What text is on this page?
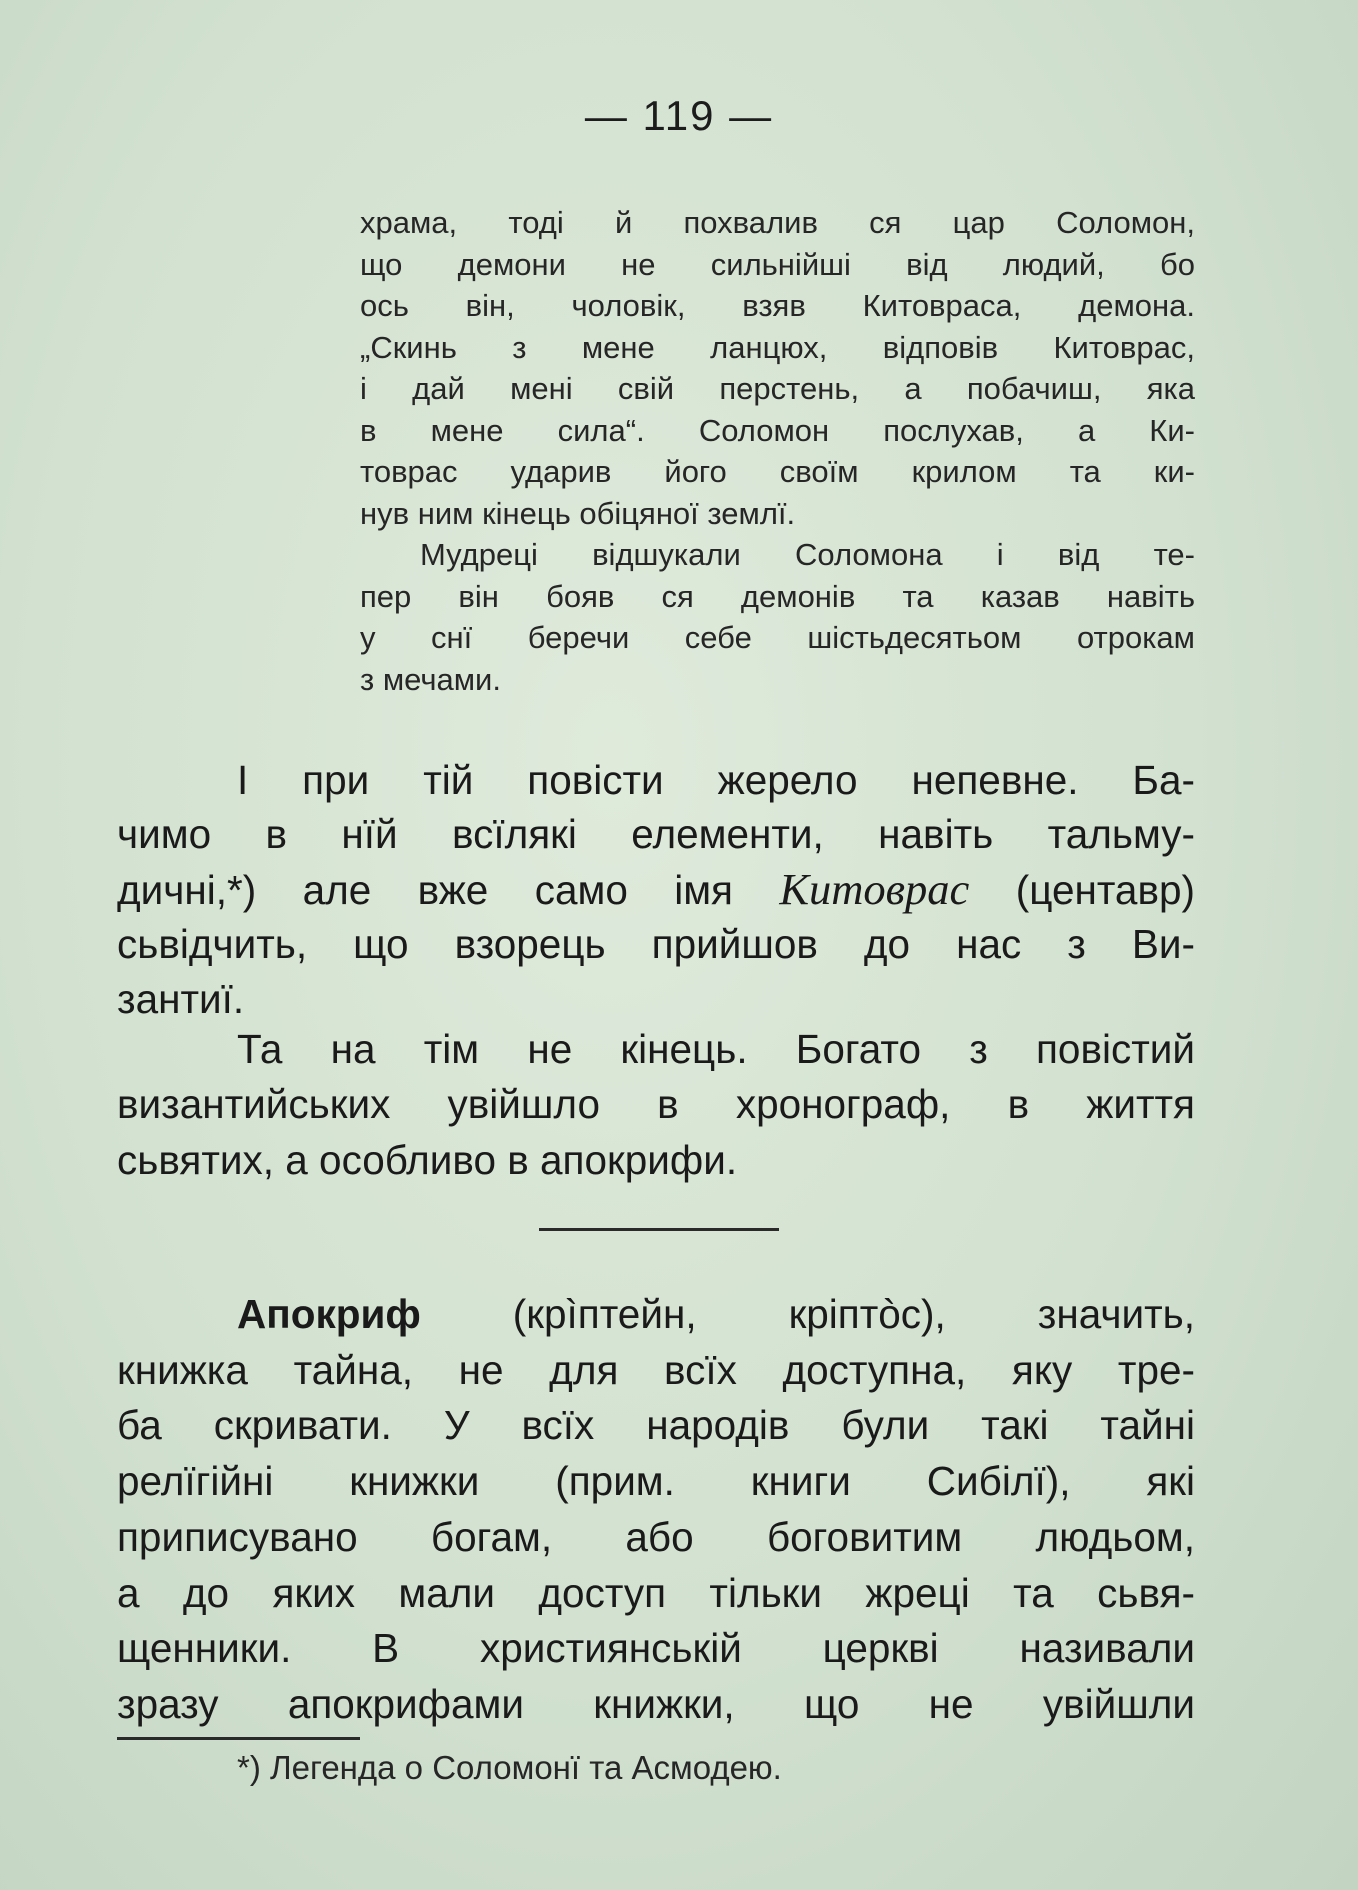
— 119 —

храма, тоді й похвалив ся цар Соломон,

що демони не сильнійші від людий, бо

ось він, чоловік, взяв Китовраса, демона.

„Скинь з мене ланцюх, відповів Китоврас,

і дай мені свій перстень, а побачиш, яка

в мене сила“. Соломон послухав, а Ки-

товрас ударив його своїм крилом та ки-

нув ним кінець обіцяної землї.

Мудреці відшукали Соломона і від те-

пер він бояв ся демонів та казав навіть

у снї беречи себе шістьдесятьом отрокам

з мечами.

І при тій повісти жерело непевне. Ба-

чимо в нїй всїлякі елементи, навіть тальму-

дичні,*) але вже само імя Китоврас (центавр)

сьвідчить, що взорець прийшов до нас з Ви-

зантиї.

Та на тім не кінець. Богато з повістий

византийських увійшло в хронограф, в життя

сьвятих, а особливо в апокрифи.

Апокриф (крìптейн, кріптòс), значить,

книжка тайна, не для всїх доступна, яку тре-

ба скривати. У всїх народів були такі тайні

релїгійні книжки (прим. книги Сибілї), які

приписувано богам, або боговитим людьом,

а до яких мали доступ тільки жреці та сьвя-

щенники. В християнській церкві називали

зразу апокрифами книжки, що не увійшли

*) Легенда о Соломонї та Асмодею.
